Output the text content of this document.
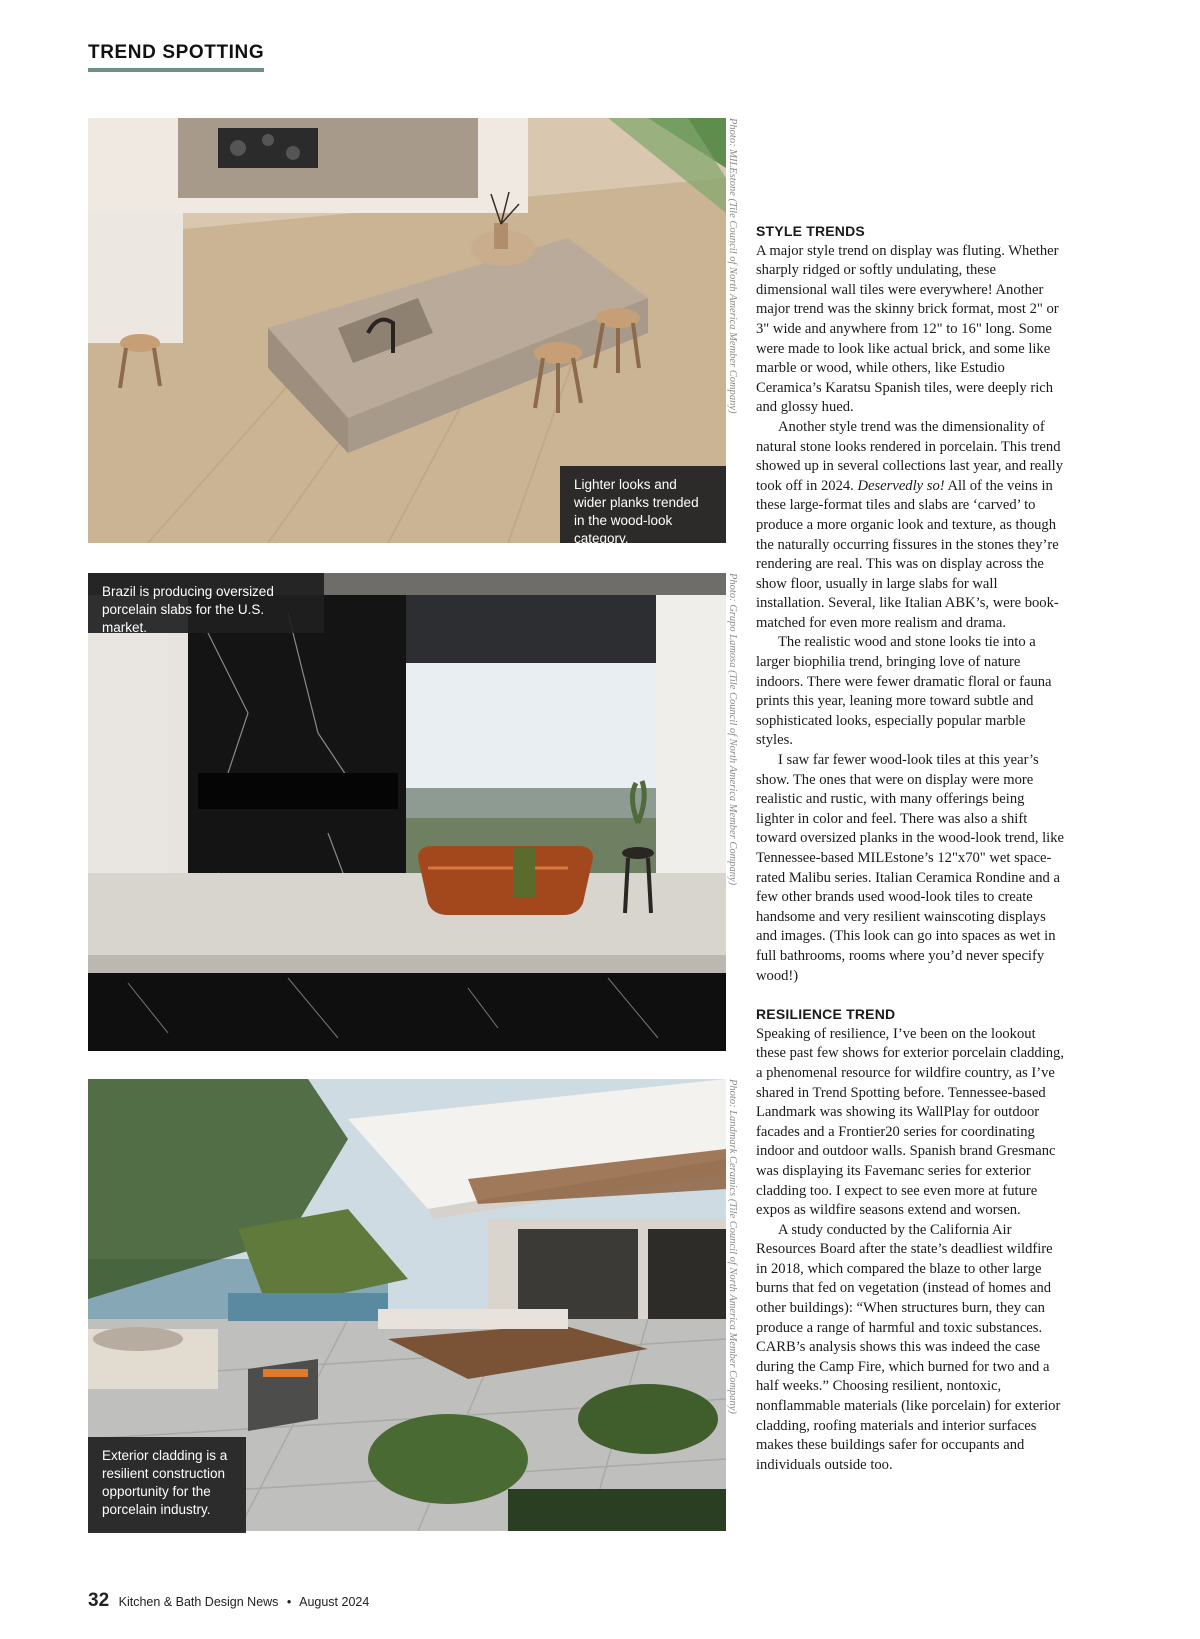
TREND SPOTTING
Lighter looks and wider planks trended in the wood-look category.
Photo: MILEstone (Tile Council of North America Member Company)
Brazil is producing oversized porcelain slabs for the U.S. market.	Photo: Grupo Lamosa (Tile Council of North America Member Company)
Exterior cladding is a resilient construction opportunity for the porcelain industry.
Photo: Landmark Ceramics (Tile Council of North America Member Company)
STYLE TRENDS

A major style trend on display was fluting. Whether sharply ridged or softly undulating, these dimensional wall tiles were everywhere! Another major trend was the skinny brick format, most 2" or 3" wide and anywhere from 12" to 16" long. Some were made to look like actual brick, and some like marble or wood, while others, like Estudio Ceramica’s Karatsu Spanish tiles, were deeply rich and glossy hued.

Another style trend was the dimensionality of natural stone looks rendered in porcelain. This trend showed up in several collections last year, and really took off in 2024. Deservedly so! All of the veins in these large-format tiles and slabs are ‘carved’ to produce a more organic look and texture, as though the naturally occurring fissures in the stones they’re rendering are real. This was on display across the show floor, usually in large slabs for wall installation. Several, like Italian ABK’s, were book-matched for even more realism and drama.

The realistic wood and stone looks tie into a larger biophilia trend, bringing love of nature indoors. There were fewer dramatic floral or fauna prints this year, leaning more toward subtle and sophisticated looks, especially popular marble styles.

I saw far fewer wood-look tiles at this year’s show. The ones that were on display were more realistic and rustic, with many offerings being lighter in color and feel. There was also a shift toward oversized planks in the wood-look trend, like Tennessee-based MILEstone’s 12"x70" wet space-rated Malibu series. Italian Ceramica Rondine and a few other brands used wood-look tiles to create handsome and very resilient wainscoting displays and images. (This look can go into spaces as wet in full bathrooms, rooms where you’d never specify wood!)

RESILIENCE TREND

Speaking of resilience, I’ve been on the lookout these past few shows for exterior porcelain cladding, a phenomenal resource for wildfire country, as I’ve shared in Trend Spotting before. Tennessee-based Landmark was showing its WallPlay for outdoor facades and a Frontier20 series for coordinating indoor and outdoor walls. Spanish brand Gresmanc was displaying its Favemanc series for exterior cladding too. I expect to see even more at future expos as wildfire seasons extend and worsen.

A study conducted by the California Air Resources Board after the state’s deadliest wildfire in 2018, which compared the blaze to other large burns that fed on vegetation (instead of homes and other buildings): “When structures burn, they can produce a range of harmful and toxic substances. CARB’s analysis shows this was indeed the case during the Camp Fire, which burned for two and a half weeks.” Choosing resilient, nontoxic, nonflammable materials (like porcelain) for exterior cladding, roofing materials and interior surfaces makes these buildings safer for occupants and individuals outside too.

32 Kitchen & Bath Design News • August 2024
